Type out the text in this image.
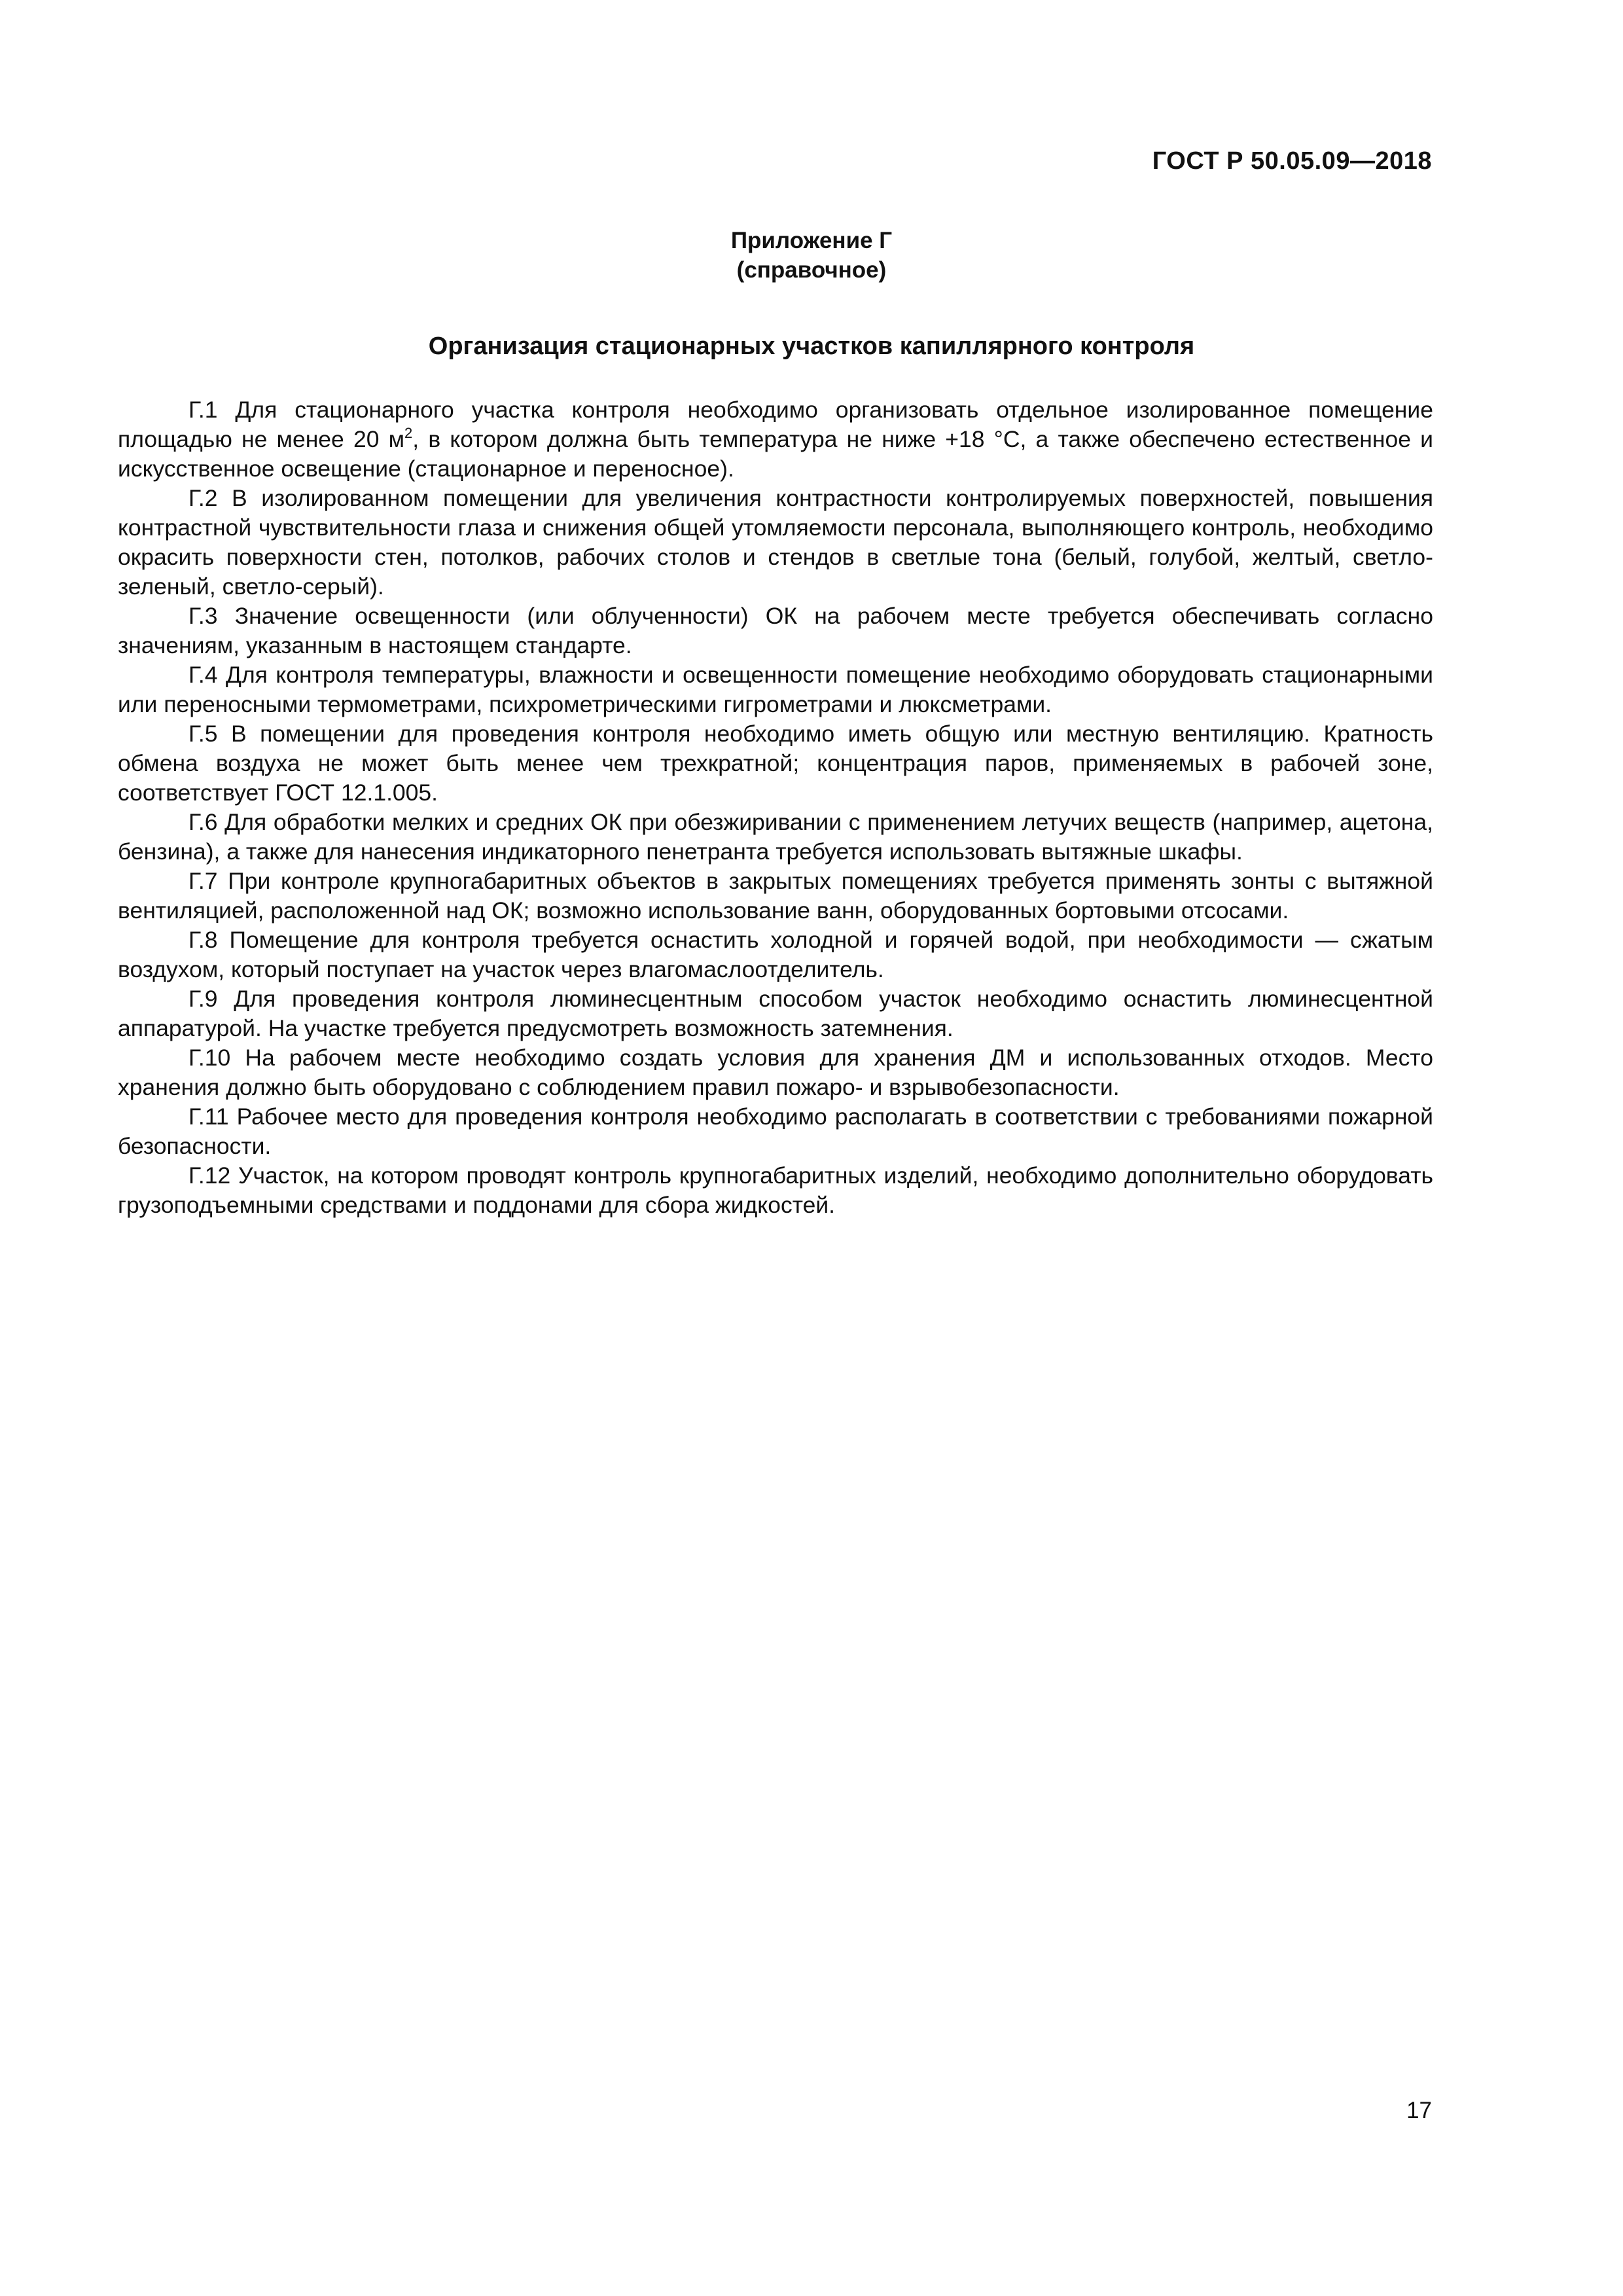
ГОСТ Р 50.05.09—2018
Приложение Г
(справочное)
Организация стационарных участков капиллярного контроля

Г.1 Для стационарного участка контроля необходимо организовать отдельное изолированное помещение площадью не менее 20 $м^2$, в котором должна быть температура не ниже +18 °С, а также обеспечено естественное и искусственное освещение (стационарное и переносное).

Г.2 В изолированном помещении для увеличения контрастности контролируемых поверхностей, повышения контрастной чувствительности глаза и снижения общей утомляемости персонала, выполняющего контроль, необходимо окрасить поверхности стен, потолков, рабочих столов и стендов в светлые тона (белый, голубой, желтый, светло-зеленый, светло-серый).

Г.3 Значение освещенности (или облученности) ОК на рабочем месте требуется обеспечивать согласно значениям, указанным в настоящем стандарте.

Г.4 Для контроля температуры, влажности и освещенности помещение необходимо оборудовать стационарными или переносными термометрами, психрометрическими гигрометрами и люксметрами.

Г.5 В помещении для проведения контроля необходимо иметь общую или местную вентиляцию. Кратность обмена воздуха не может быть менее чем трехкратной; концентрация паров, применяемых в рабочей зоне, соответствует ГОСТ 12.1.005.

Г.6 Для обработки мелких и средних ОК при обезжиривании с применением летучих веществ (например, ацетона, бензина), а также для нанесения индикаторного пенетранта требуется использовать вытяжные шкафы.

Г.7 При контроле крупногабаритных объектов в закрытых помещениях требуется применять зонты с вытяжной вентиляцией, расположенной над ОК; возможно использование ванн, оборудованных бортовыми отсосами.

Г.8 Помещение для контроля требуется оснастить холодной и горячей водой, при необходимости — сжатым воздухом, который поступает на участок через влагомаслоотделитель.

Г.9 Для проведения контроля люминесцентным способом участок необходимо оснастить люминесцентной аппаратурой. На участке требуется предусмотреть возможность затемнения.

Г.10 На рабочем месте необходимо создать условия для хранения ДМ и использованных отходов. Место хранения должно быть оборудовано с соблюдением правил пожаро- и взрывобезопасности.

Г.11 Рабочее место для проведения контроля необходимо располагать в соответствии с требованиями пожарной безопасности.

Г.12 Участок, на котором проводят контроль крупногабаритных изделий, необходимо дополнительно оборудовать грузоподъемными средствами и поддонами для сбора жидкостей.

17
